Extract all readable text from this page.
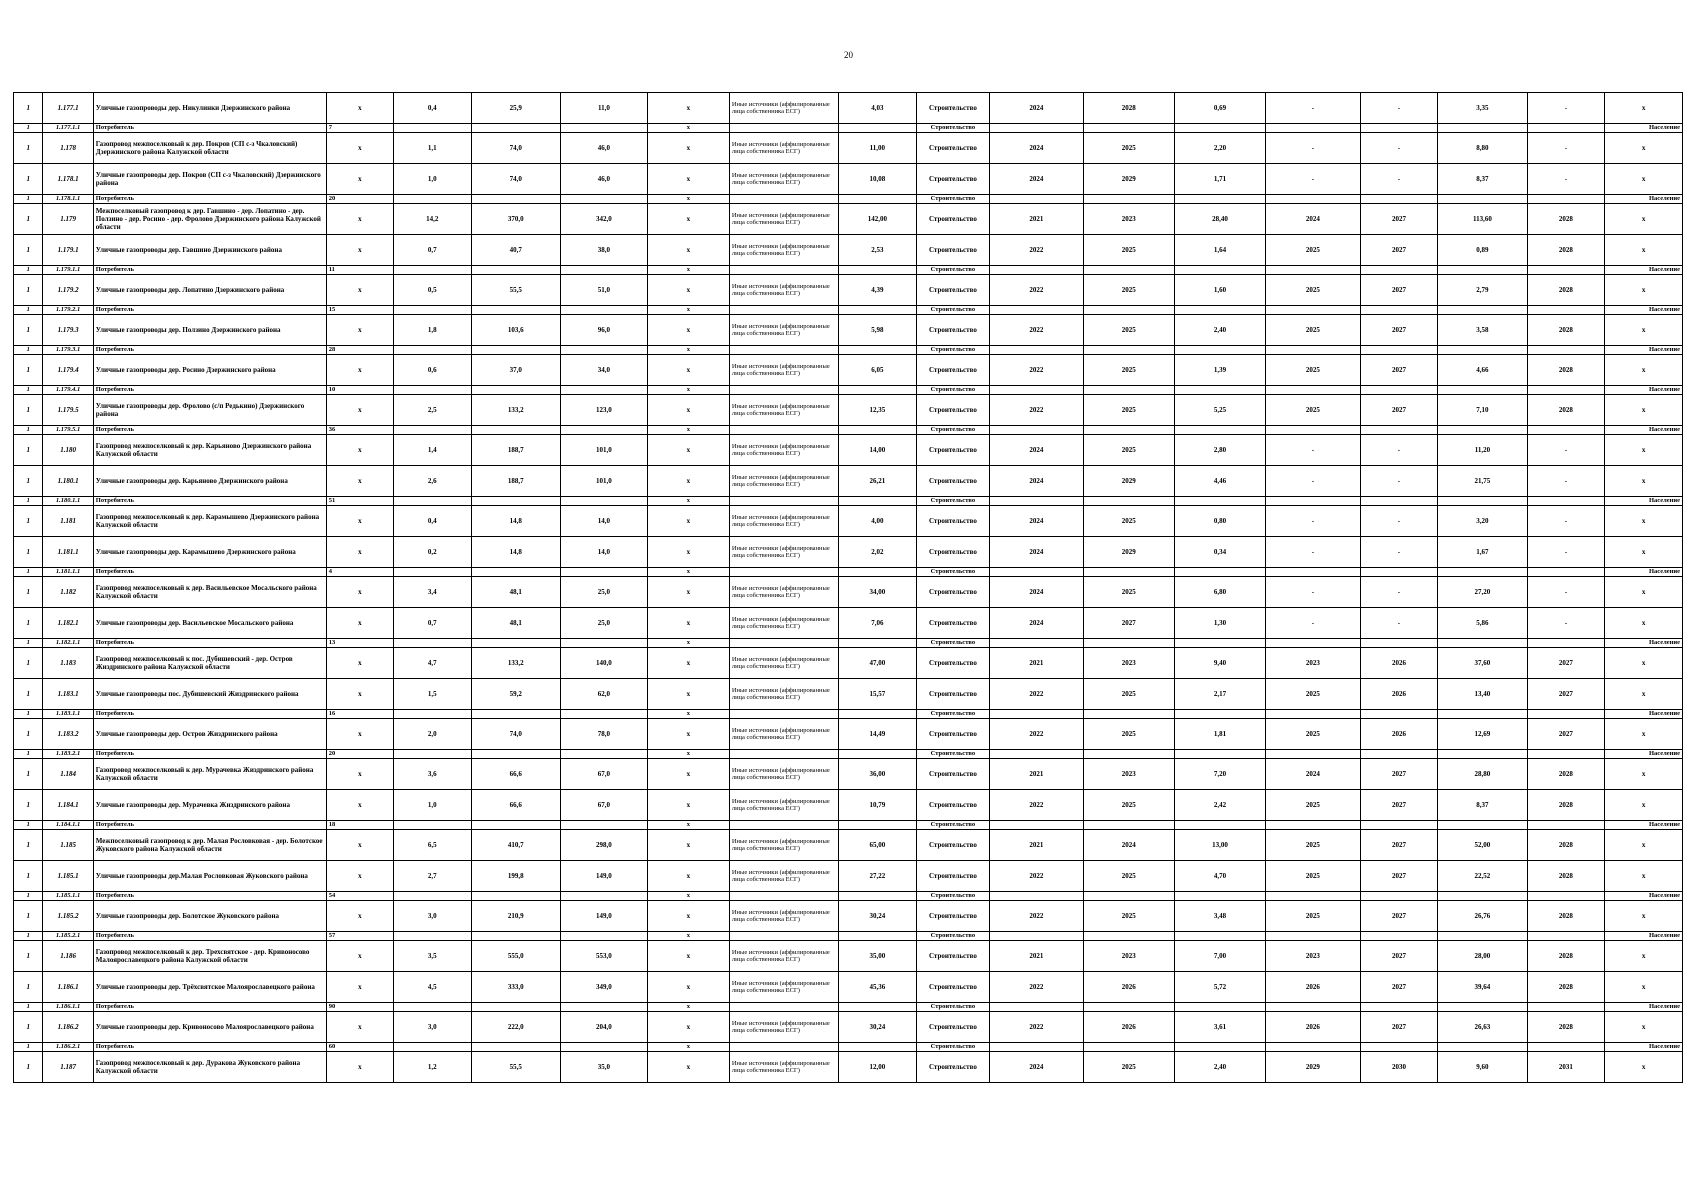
20
1	1.177.1	Уличные газопроводы дер. Никулинки Дзержинского района	x	0,4	25,9	11,0	x	Иные источники (аффилированные лица собственника ЕСГ)	4,03	Строительство	2024	2028	0,69	-	-	3,35	-	x
1	1.177.1.1	Потребитель	7				x			Строительство								Население
1	1.178	Газопровод межпоселковый к дер. Покров (СП с-з Чкаловский) Дзержинского района Калужской области	x	1,1	74,0	46,0	x	Иные источники (аффилированные лица собственника ЕСГ)	11,00	Строительство	2024	2025	2,20	-	-	8,80	-	x
1	1.178.1	Уличные газопроводы дер. Покров (СП с-з Чкаловский) Дзержинского района	x	1,0	74,0	46,0	x	Иные источники (аффилированные лица собственника ЕСГ)	10,08	Строительство	2024	2029	1,71	-	-	8,37	-	x
1	1.178.1.1	Потребитель	20				x			Строительство								Население
1	1.179	Межпоселковый газопровод к дер. Гавшино - дер. Лопатино - дер. Ползино - дер. Росино - дер. Фролово Дзержинского района Калужской области	x	14,2	370,0	342,0	x	Иные источники (аффилированные лица собственника ЕСГ)	142,00	Строительство	2021	2023	28,40	2024	2027	113,60	2028	x
1	1.179.1	Уличные газопроводы дер. Гавшино Дзержинского района	x	0,7	40,7	38,0	x	Иные источники (аффилированные лица собственника ЕСГ)	2,53	Строительство	2022	2025	1,64	2025	2027	0,89	2028	x
1	1.179.1.1	Потребитель	11				x			Строительство								Население
1	1.179.2	Уличные газопроводы дер. Лопатино Дзержинского района	x	0,5	55,5	51,0	x	Иные источники (аффилированные лица собственника ЕСГ)	4,39	Строительство	2022	2025	1,60	2025	2027	2,79	2028	x
1	1.179.2.1	Потребитель	15				x			Строительство								Население
1	1.179.3	Уличные газопроводы дер. Ползино Дзержинского района	x	1,8	103,6	96,0	x	Иные источники (аффилированные лица собственника ЕСГ)	5,98	Строительство	2022	2025	2,40	2025	2027	3,58	2028	x
1	1.179.3.1	Потребитель	28				x			Строительство								Население
1	1.179.4	Уличные газопроводы дер. Росино Дзержинского района	x	0,6	37,0	34,0	x	Иные источники (аффилированные лица собственника ЕСГ)	6,05	Строительство	2022	2025	1,39	2025	2027	4,66	2028	x
1	1.179.4.1	Потребитель	10				x			Строительство								Население
1	1.179.5	Уличные газопроводы дер. Фролово (с/п Редькино) Дзержинского района	x	2,5	133,2	123,0	x	Иные источники (аффилированные лица собственника ЕСГ)	12,35	Строительство	2022	2025	5,25	2025	2027	7,10	2028	x
1	1.179.5.1	Потребитель	36				x			Строительство								Население
1	1.180	Газопровод межпоселковый к дер. Карьяново Дзержинского района Калужской области	x	1,4	188,7	101,0	x	Иные источники (аффилированные лица собственника ЕСГ)	14,00	Строительство	2024	2025	2,80	-	-	11,20	-	x
1	1.180.1	Уличные газопроводы дер. Карьяново Дзержинского района	x	2,6	188,7	101,0	x	Иные источники (аффилированные лица собственника ЕСГ)	26,21	Строительство	2024	2029	4,46	-	-	21,75	-	x
1	1.180.1.1	Потребитель	51				x			Строительство								Население
1	1.181	Газопровод межпоселковый к дер. Карамышево Дзержинского района Калужской области	x	0,4	14,8	14,0	x	Иные источники (аффилированные лица собственника ЕСГ)	4,00	Строительство	2024	2025	0,80	-	-	3,20	-	x
1	1.181.1	Уличные газопроводы дер. Карамышево Дзержинского района	x	0,2	14,8	14,0	x	Иные источники (аффилированные лица собственника ЕСГ)	2,02	Строительство	2024	2029	0,34	-	-	1,67	-	x
1	1.181.1.1	Потребитель	4				x			Строительство								Население
1	1.182	Газопровод межпоселковый к дер. Васильевское Мосальского района Калужской области	x	3,4	48,1	25,0	x	Иные источники (аффилированные лица собственника ЕСГ)	34,00	Строительство	2024	2025	6,80	-	-	27,20	-	x
1	1.182.1	Уличные газопроводы дер. Васильевское Мосальского района	x	0,7	48,1	25,0	x	Иные источники (аффилированные лица собственника ЕСГ)	7,06	Строительство	2024	2027	1,30	-	-	5,86	-	x
1	1.182.1.1	Потребитель	13				x			Строительство								Население
1	1.183	Газопровод межпоселковый к пос. Дубишевский - дер. Остров Жиздринского района Калужской области	x	4,7	133,2	140,0	x	Иные источники (аффилированные лица собственника ЕСГ)	47,00	Строительство	2021	2023	9,40	2023	2026	37,60	2027	x
1	1.183.1	Уличные газопроводы пос. Дубишевский Жиздринского района	x	1,5	59,2	62,0	x	Иные источники (аффилированные лица собственника ЕСГ)	15,57	Строительство	2022	2025	2,17	2025	2026	13,40	2027	x
1	1.183.1.1	Потребитель	16				x			Строительство								Население
1	1.183.2	Уличные газопроводы дер. Остров Жиздринского района	x	2,0	74,0	78,0	x	Иные источники (аффилированные лица собственника ЕСГ)	14,49	Строительство	2022	2025	1,81	2025	2026	12,69	2027	x
1	1.183.2.1	Потребитель	20				x			Строительство								Население
1	1.184	Газопровод межпоселковый к дер. Мурачевка Жиздринского района Калужской области	x	3,6	66,6	67,0	x	Иные источники (аффилированные лица собственника ЕСГ)	36,00	Строительство	2021	2023	7,20	2024	2027	28,80	2028	x
1	1.184.1	Уличные газопроводы дер. Мурачевка Жиздринского района	x	1,0	66,6	67,0	x	Иные источники (аффилированные лица собственника ЕСГ)	10,79	Строительство	2022	2025	2,42	2025	2027	8,37	2028	x
1	1.184.1.1	Потребитель	18				x			Строительство								Население
1	1.185	Межпоселковый газопровод к дер. Малая Рословковая - дер. Болотское Жуковского района Калужской области	x	6,5	410,7	298,0	x	Иные источники (аффилированные лица собственника ЕСГ)	65,00	Строительство	2021	2024	13,00	2025	2027	52,00	2028	x
1	1.185.1	Уличные газопроводы дер.Малая Рословковая Жуковского района	x	2,7	199,8	149,0	x	Иные источники (аффилированные лица собственника ЕСГ)	27,22	Строительство	2022	2025	4,70	2025	2027	22,52	2028	x
1	1.185.1.1	Потребитель	54				x			Строительство								Население
1	1.185.2	Уличные газопроводы дер. Болотское Жуковского района	x	3,0	210,9	149,0	x	Иные источники (аффилированные лица собственника ЕСГ)	30,24	Строительство	2022	2025	3,48	2025	2027	26,76	2028	x
1	1.185.2.1	Потребитель	57				x			Строительство								Население
1	1.186	Газопровод межпоселковый к дер. Трехсвятское - дер. Кривоносово Малоярославецкого района Калужской области	x	3,5	555,0	553,0	x	Иные источники (аффилированные лица собственника ЕСГ)	35,00	Строительство	2021	2023	7,00	2023	2027	28,00	2028	x
1	1.186.1	Уличные газопроводы дер. Трёхсвятское Малоярославецкого района	x	4,5	333,0	349,0	x	Иные источники (аффилированные лица собственника ЕСГ)	45,36	Строительство	2022	2026	5,72	2026	2027	39,64	2028	x
1	1.186.1.1	Потребитель	90				x			Строительство								Население
1	1.186.2	Уличные газопроводы дер. Кривоносово Малоярославецкого района	x	3,0	222,0	204,0	x	Иные источники (аффилированные лица собственника ЕСГ)	30,24	Строительство	2022	2026	3,61	2026	2027	26,63	2028	x
1	1.186.2.1	Потребитель	60				x			Строительство								Население
1	1.187	Газопровод межпоселковый к дер. Дуракова Жуковского района Калужской области	x	1,2	55,5	35,0	x	Иные источники (аффилированные лица собственника ЕСГ)	12,00	Строительство	2024	2025	2,40	2029	2030	9,60	2031	x
